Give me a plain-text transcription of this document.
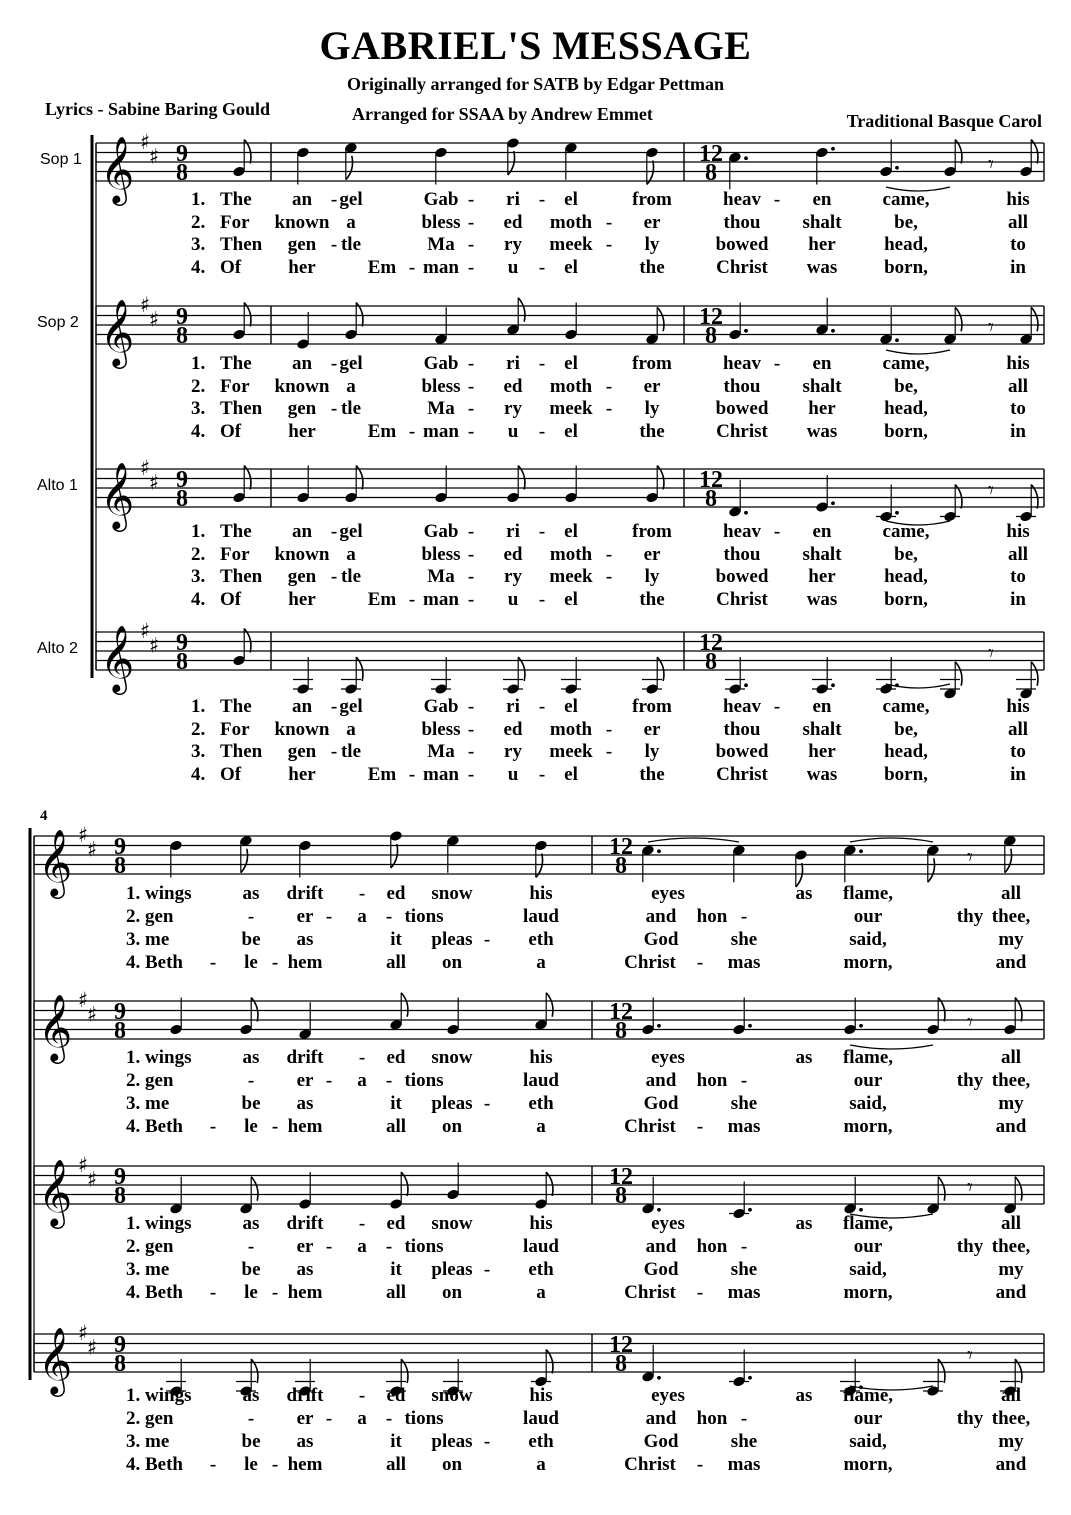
GABRIEL'S MESSAGE
Originally arranged for SATB by Edgar Pettman
Lyrics - Sabine Baring Gould	Arranged for SSAA by Andrew Emmet	Traditional Basque Carol
Sop 1
Sop 2
Alto 1
Alto 2
4
𝄞 ♯
♯ 9
8
12
8
𝄞 ♯
♯ 9
8
12
8
𝄞 ♯
♯ 9
8
12
8
𝄞 ♯
♯ 9
8
12
8
𝄾
𝄾
𝄾
𝄾
𝄞 ♯
♯ 9
8
12
8
𝄞 ♯
♯ 9
8
12
8
𝄞 ♯
♯ 9
8
12
8
𝄞 ♯
♯ 9
8
12
8
𝄾
𝄾
𝄾
𝄾
1. The an - gel	Gab - ri - el	from	heav - en	came,	his
2. For known a	bless - ed moth - er	thou shalt	be,	all
3. Then gen - tle	Ma - ry meek - ly	bowed her	head,	to
4. Of her	Em - man - u - el	the	Christ was born,	in
1. The an - gel	Gab - ri - el	from	heav - en	came,	his
2. For known a	bless - ed moth - er	thou shalt	be,	all
3. Then gen - tle	Ma - ry meek - ly	bowed her	head,	to
4. Of her	Em - man - u - el	the	Christ was born,	in
1. The an - gel	Gab - ri - el	from	heav - en	came,	his
2. For known a	bless - ed moth - er	thou shalt	be,	all
3. Then gen - tle	Ma - ry meek - ly	bowed her	head,	to
4. Of her	Em - man - u - el	the	Christ was born,	in
1. The an - gel	Gab - ri - el	from	heav - en	came,	his
2. For known a	bless - ed moth - er	thou shalt	be,	all
3. Then gen - tle	Ma - ry meek - ly	bowed her	head,	to
4. Of her	Em - man - u - el	the	Christ was born,	in
1. wings	as drift - ed snow	his	eyes	as flame,	all
2. gen	- er - a - tions	laud	and hon -	our	thee,
thy
3. me	be as	it pleas - eth	God	she	said,	my
4. Beth - le - hem	all on	a	Christ - mas	morn,	and
1. wings	as drift - ed snow	his	eyes	as flame,	all
2. gen	- er - a - tions	laud	and hon -	our	thee,
thy
3. me	be as	it pleas - eth	God	she	said,	my
4. Beth - le - hem	all on	a	Christ - mas	morn,	and
1. wings	as drift - ed snow	his	eyes	as flame,	all
2. gen	- er - a - tions	laud	and hon -	our	thee,
thy
3. me	be as	it pleas - eth	God	she	said,	my
4. Beth - le - hem	all on	a	Christ - mas	morn,	and
1. wings	as drift - ed snow	his	eyes	as flame,	all
2. gen	- er - a - tions	laud	and hon -	our	thee,
thy
3. me	be as	it pleas - eth	God	she	said,	my
4. Beth - le - hem	all on	a	Christ - mas	morn,	and
